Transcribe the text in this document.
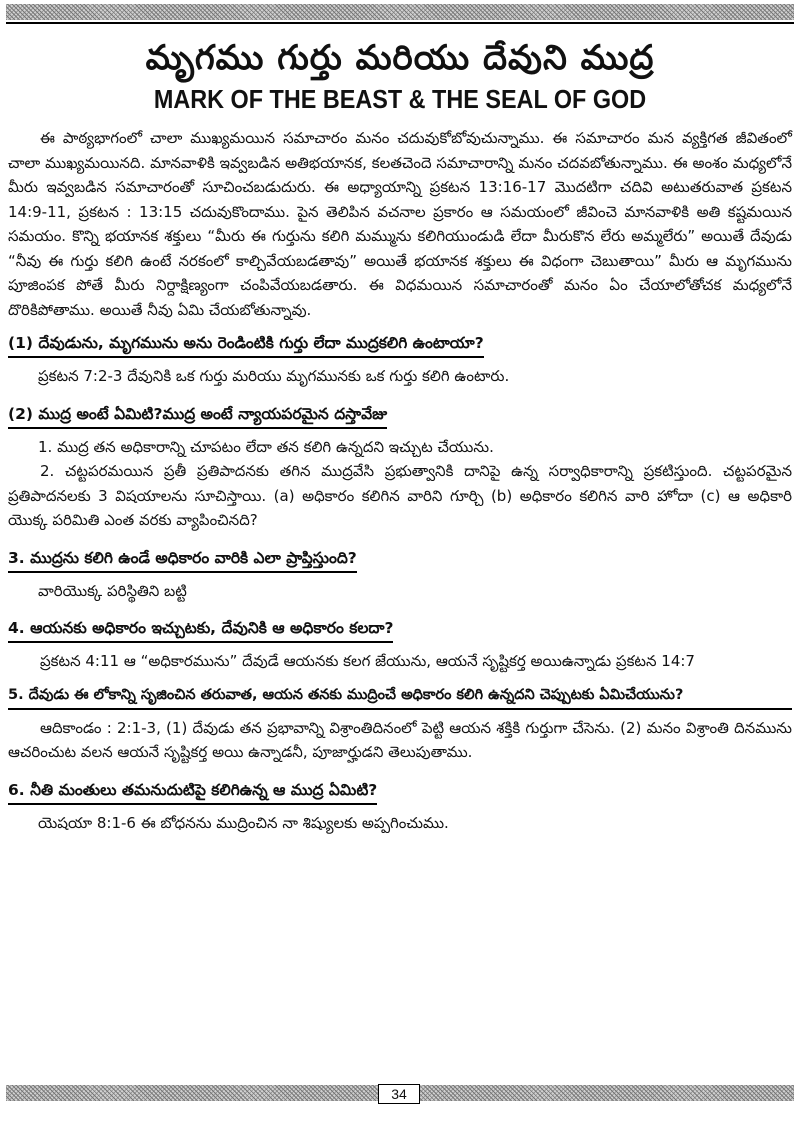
మృగము గుర్తు మరియు దేవుని ముద్ర
MARK OF THE BEAST & THE SEAL OF GOD

ఈ పాఠ్యభాగంలో చాలా ముఖ్యమయిన సమాచారం మనం చదువుకోబోవుచున్నాము. ఈ సమాచారం మన వ్యక్తిగత జీవితంలో చాలా ముఖ్యమయినది. మానవాళికి ఇవ్వబడిన అతిభయానక, కలతచెందె సమాచారాన్ని మనం చదవబోతున్నాము. ఈ అంశం మధ్యలోనే మీరు ఇవ్వబడిన సమాచారంతో సూచించబడుదురు. ఈ అధ్యాయాన్ని ప్రకటన 13:16-17 మొదటిగా చదివి అటుతరువాత ప్రకటన 14:9-11, ప్రకటన : 13:15 చదువుకొందాము. పైన తెలిపిన వచనాల ప్రకారం ఆ సమయంలో జీవించె మానవాళికి అతి కష్టమయిన సమయం. కొన్ని భయానక శక్తులు “మీరు ఈ గుర్తును కలిగి మమ్మును కలిగియుండుడి లేదా మీరుకొన లేరు అమ్మలేరు” అయితే దేవుడు “నీవు ఈ గుర్తు కలిగి ఉంటే నరకంలో కాల్చివేయబడతావు” అయితే భయానక శక్తులు ఈ విధంగా చెబుతాయి” మీరు ఆ మృగమును పూజింపక పోతే మీరు నిర్దాక్షిణ్యంగా చంపివేయబడతారు. ఈ విధమయిన సమాచారంతో మనం ఏం చేయాలోతోచక మధ్యలోనే దొరికిపోతాము. అయితే నీవు ఏమి చేయబోతున్నావు.

(1) దేవుడును, మృగమును అను రెండింటికి గుర్తు లేదా ముద్రకలిగి ఉంటాయా?

ప్రకటన 7:2-3 దేవునికి ఒక గుర్తు మరియు మృగమునకు ఒక గుర్తు కలిగి ఉంటారు.

(2) ముద్ర అంటే ఏమిటి?ముద్ర అంటే న్యాయపరమైన దస్తావేజు

1. ముద్ర తన అధికారాన్ని చూపటం లేదా తన కలిగి ఉన్నదని ఇచ్చుట చేయును.

2. చట్టపరమయిన ప్రతీ ప్రతిపాదనకు తగిన ముద్రవేసి ప్రభుత్వానికి దానిపై ఉన్న సర్వాధికారాన్ని ప్రకటిస్తుంది. చట్టపరమైన ప్రతిపాదనలకు 3 విషయాలను సూచిస్తాయి. (a) అధికారం కలిగిన వారిని గూర్చి (b) అధికారం కలిగిన వారి హోదా (c) ఆ అధికారి యొక్క పరిమితి ఎంత వరకు వ్యాపించినది?

3. ముద్రను కలిగి ఉండే అధికారం వారికి ఎలా ప్రాప్తిస్తుంది?

వారియొక్క పరిస్థితిని బట్టి

4. ఆయనకు అధికారం ఇచ్చుటకు, దేవునికి ఆ అధికారం కలదా?

ప్రకటన 4:11 ఆ “అధికారమును” దేవుడే ఆయనకు కలగ జేయును, ఆయనే సృష్టికర్త అయిఉన్నాడు ప్రకటన 14:7

5. దేవుడు ఈ లోకాన్ని సృజించిన తరువాత, ఆయన తనకు ముద్రించే అధికారం కలిగి ఉన్నదని చెప్పుటకు ఏమిచేయును?

ఆదికాండం : 2:1-3, (1) దేవుడు తన ప్రభావాన్ని విశ్రాంతిదినంలో పెట్టి ఆయన శక్తికి గుర్తుగా చేసెను. (2) మనం విశ్రాంతి దినమును ఆచరించుట వలన ఆయనే సృష్టికర్త అయి ఉన్నాడనీ, పూజార్హుడని తెలుపుతాము.

6. నీతి మంతులు తమనుదుటిపై కలిగిఉన్న ఆ ముద్ర ఏమిటి?

యెషయా 8:1-6 ఈ బోధనను ముద్రించిన నా శిష్యులకు అప్పగించుము.

34
